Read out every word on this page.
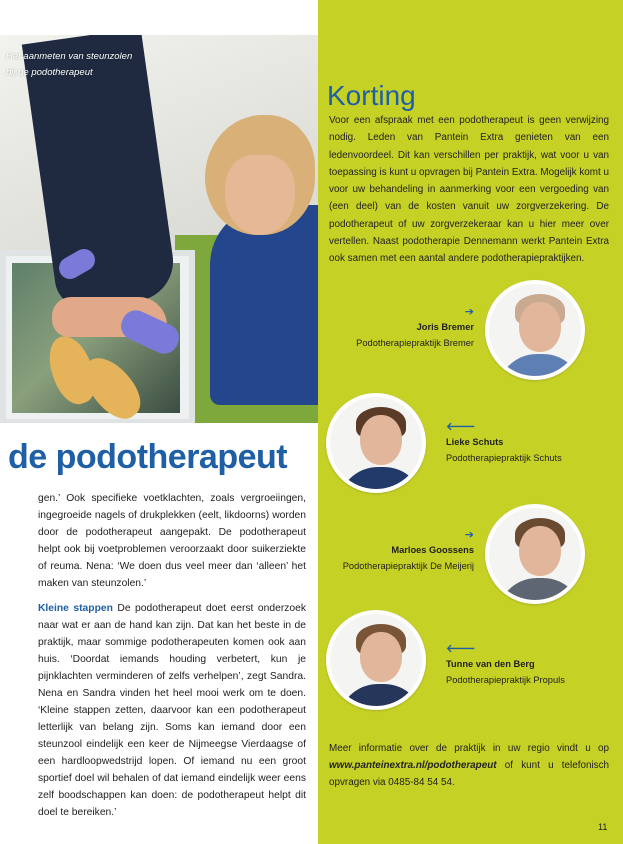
Het aanmeten van steunzolen
bij de podotherapeut
de podotherapeut

gen.’ Ook specifieke voetklachten, zoals vergroeiingen, ingegroeide nagels of drukplekken (eelt, likdoorns) worden door de podotherapeut aangepakt. De podotherapeut helpt ook bij voetproblemen veroorzaakt door suikerziekte of reuma. Nena: ‘We doen dus veel meer dan ‘alleen’ het maken van steunzolen.’

Kleine stappen De podotherapeut doet eerst onderzoek naar wat er aan de hand kan zijn. Dat kan het beste in de praktijk, maar sommige podotherapeuten komen ook aan huis. ‘Doordat iemands houding verbetert, kun je pijnklachten verminderen of zelfs verhelpen’, zegt Sandra. Nena en Sandra vinden het heel mooi werk om te doen. ‘Kleine stappen zetten, daarvoor kan een podotherapeut letterlijk van belang zijn. Soms kan iemand door een steunzool eindelijk een keer de Nijmeegse Vierdaagse of een hardloopwedstrijd lopen. Of iemand nu een groot sportief doel wil behalen of dat iemand eindelijk weer eens zelf boodschappen kan doen: de podotherapeut helpt dit doel te bereiken.’

Korting

Voor een afspraak met een podotherapeut is geen verwijzing nodig. Leden van Pantein Extra genieten van een ledenvoordeel. Dit kan verschillen per praktijk, wat voor u van toepassing is kunt u opvragen bij Pantein Extra. Mogelijk komt u voor uw behandeling in aanmerking voor een vergoeding van (een deel) van de kosten vanuit uw zorgverzekering. De podotherapeut of uw zorgverzekeraar kan u hier meer over vertellen. Naast podotherapie Dennemann werkt Pantein Extra ook samen met een aantal andere podotherapiepraktijken.

➔
Joris Bremer
Podotherapiepraktijk Bremer
🡐
Lieke Schuts
Podotherapiepraktijk Schuts
➔
Marloes Goossens
Podotherapiepraktijk De Meijerij
🡐
Tunne van den Berg
Podotherapiepraktijk Propuls

Meer informatie over de praktijk in uw regio vindt u op www.panteinextra.nl/podotherapeut of kunt u telefonisch opvragen via 0485-84 54 54.

11
